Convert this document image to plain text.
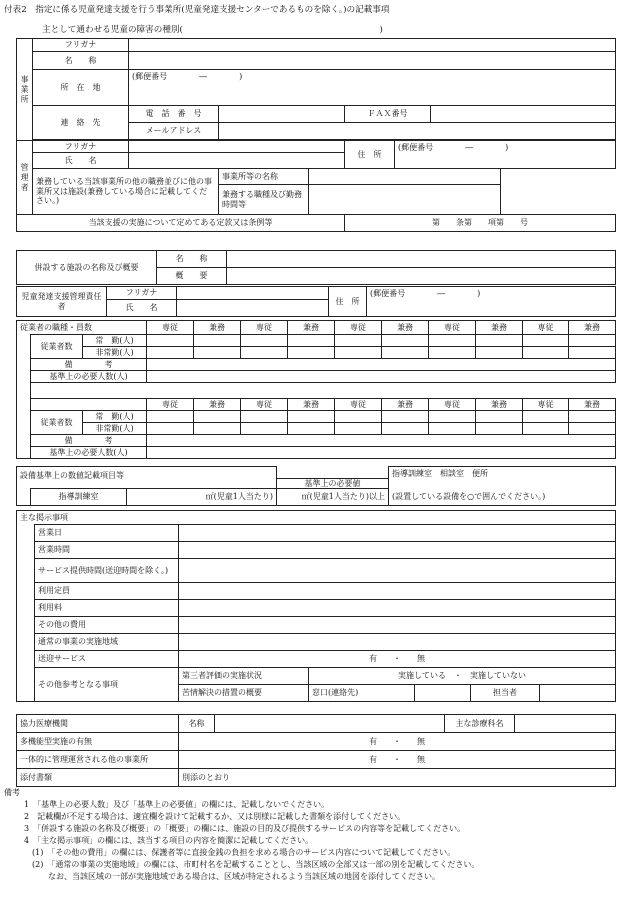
付表2　指定に係る児童発達支援を行う事業所(児童発達支援センターであるものを除く。)の記載事項
主として通わせる児童の障害の種別(	)
事業所	フリガナ						
	名　　称						
	所　在　地	(郵便番号　　　　―　　　　)					
	連　絡　先	電　話　番　号			ＦＡＸ番号		
		メールアドレス					

管理者	フリガナ				住　所	(郵便番号　　　　―　　　　)	
	氏　　名						
	兼務している当該事業所の他の職務並びに他の事業所又は施設(兼務している場合に記載してください。)		事業所等の名称				
			兼務する職種及び勤務時間等				
当該支援の実施について定めてある定款又は条例等					第　　条第　　項第　　号		
併設する施設の名称及び概要	名　　称	
	概　　要	
児童発達支援管理責任者	フリガナ		住　所	(郵便番号　　　　―　　　　)
	氏　　名			
従業者の職種・員数			専従	兼務	専従	兼務	専従	兼務	専従	兼務	専従	兼務
	従業者数	常　勤(人)										
		非常勤(人)										
	備　　　　考											
	基準上の必要人数(人)											

			専従	兼務	専従	兼務	専従	兼務	専従	兼務	専従	兼務
	従業者数	常　勤(人)										
		非常勤(人)										
	備　　　　考											
	基準上の必要人数(人)											
設備基準上の数値記載項目等				指導訓練室　相談室　便所
			基準上の必要値	
	指導訓練室	㎡(児童1人当たり)	㎡(児童1人当たり)以上	(設置している設備を○で囲んでください。)
主な掲示事項						
	営業日					
	営業時間					
	サービス提供時間(送迎時間を除く。)					
	利用定員					
	利用料					
	その他の費用					
	通常の事業の実施地域					
	送迎サービス	有　　・　　無				
	その他参考となる事項	第三者評価の実施状況	実施している　・　実施していない			
		苦情解決の措置の概要	窓口(連絡先)		担当者	
協力医療機関	名称		主な診療科名	
多機能型実施の有無	有　　・　　無			
一体的に管理運営される他の事業所	有　　・　　無			
添付書類	別添のとおり			
備考
1　「基準上の必要人数」及び「基準上の必要値」の欄には、記載しないでください。
2　記載欄が不足する場合は、適宜欄を設けて記載するか、又は別様に記載した書類を添付してください。
3　「併設する施設の名称及び概要」の「概要」の欄には、施設の目的及び提供するサービスの内容等を記載してください。
4　「主な掲示事項」の欄には、該当する項目の内容を簡潔に記載してください。
　(1)　「その他の費用」の欄には、保護者等に直接金銭の負担を求める場合のサービス内容について記載してください。
　(2)　「通常の事業の実施地域」の欄には、市町村名を記載することとし、当該区域の全部又は一部の別を記載してください。
　　　なお、当該区域の一部が実施地域である場合は、区域が特定されるよう当該区域の地図を添付してください。
